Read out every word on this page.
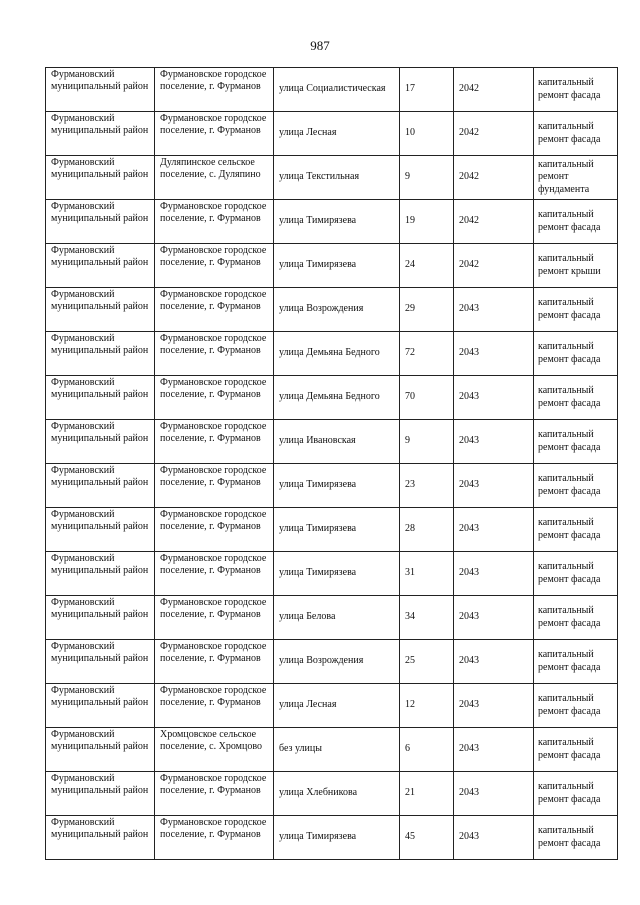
987
Фурмановский муниципальный район	Фурмановское городское поселение, г. Фурманов	улица Социалистическая	17	2042	капитальный ремонт фасада
Фурмановский муниципальный район	Фурмановское городское поселение, г. Фурманов	улица Лесная	10	2042	капитальный ремонт фасада
Фурмановский муниципальный район	Дуляпинское сельское поселение, с. Дуляпино	улица Текстильная	9	2042	капитальный ремонт фундамента
Фурмановский муниципальный район	Фурмановское городское поселение, г. Фурманов	улица Тимирязева	19	2042	капитальный ремонт фасада
Фурмановский муниципальный район	Фурмановское городское поселение, г. Фурманов	улица Тимирязева	24	2042	капитальный ремонт крыши
Фурмановский муниципальный район	Фурмановское городское поселение, г. Фурманов	улица Возрождения	29	2043	капитальный ремонт фасада
Фурмановский муниципальный район	Фурмановское городское поселение, г. Фурманов	улица Демьяна Бедного	72	2043	капитальный ремонт фасада
Фурмановский муниципальный район	Фурмановское городское поселение, г. Фурманов	улица Демьяна Бедного	70	2043	капитальный ремонт фасада
Фурмановский муниципальный район	Фурмановское городское поселение, г. Фурманов	улица Ивановская	9	2043	капитальный ремонт фасада
Фурмановский муниципальный район	Фурмановское городское поселение, г. Фурманов	улица Тимирязева	23	2043	капитальный ремонт фасада
Фурмановский муниципальный район	Фурмановское городское поселение, г. Фурманов	улица Тимирязева	28	2043	капитальный ремонт фасада
Фурмановский муниципальный район	Фурмановское городское поселение, г. Фурманов	улица Тимирязева	31	2043	капитальный ремонт фасада
Фурмановский муниципальный район	Фурмановское городское поселение, г. Фурманов	улица Белова	34	2043	капитальный ремонт фасада
Фурмановский муниципальный район	Фурмановское городское поселение, г. Фурманов	улица Возрождения	25	2043	капитальный ремонт фасада
Фурмановский муниципальный район	Фурмановское городское поселение, г. Фурманов	улица Лесная	12	2043	капитальный ремонт фасада
Фурмановский муниципальный район	Хромцовское сельское поселение, с. Хромцово	без улицы	6	2043	капитальный ремонт фасада
Фурмановский муниципальный район	Фурмановское городское поселение, г. Фурманов	улица Хлебникова	21	2043	капитальный ремонт фасада
Фурмановский муниципальный район	Фурмановское городское поселение, г. Фурманов	улица Тимирязева	45	2043	капитальный ремонт фасада
